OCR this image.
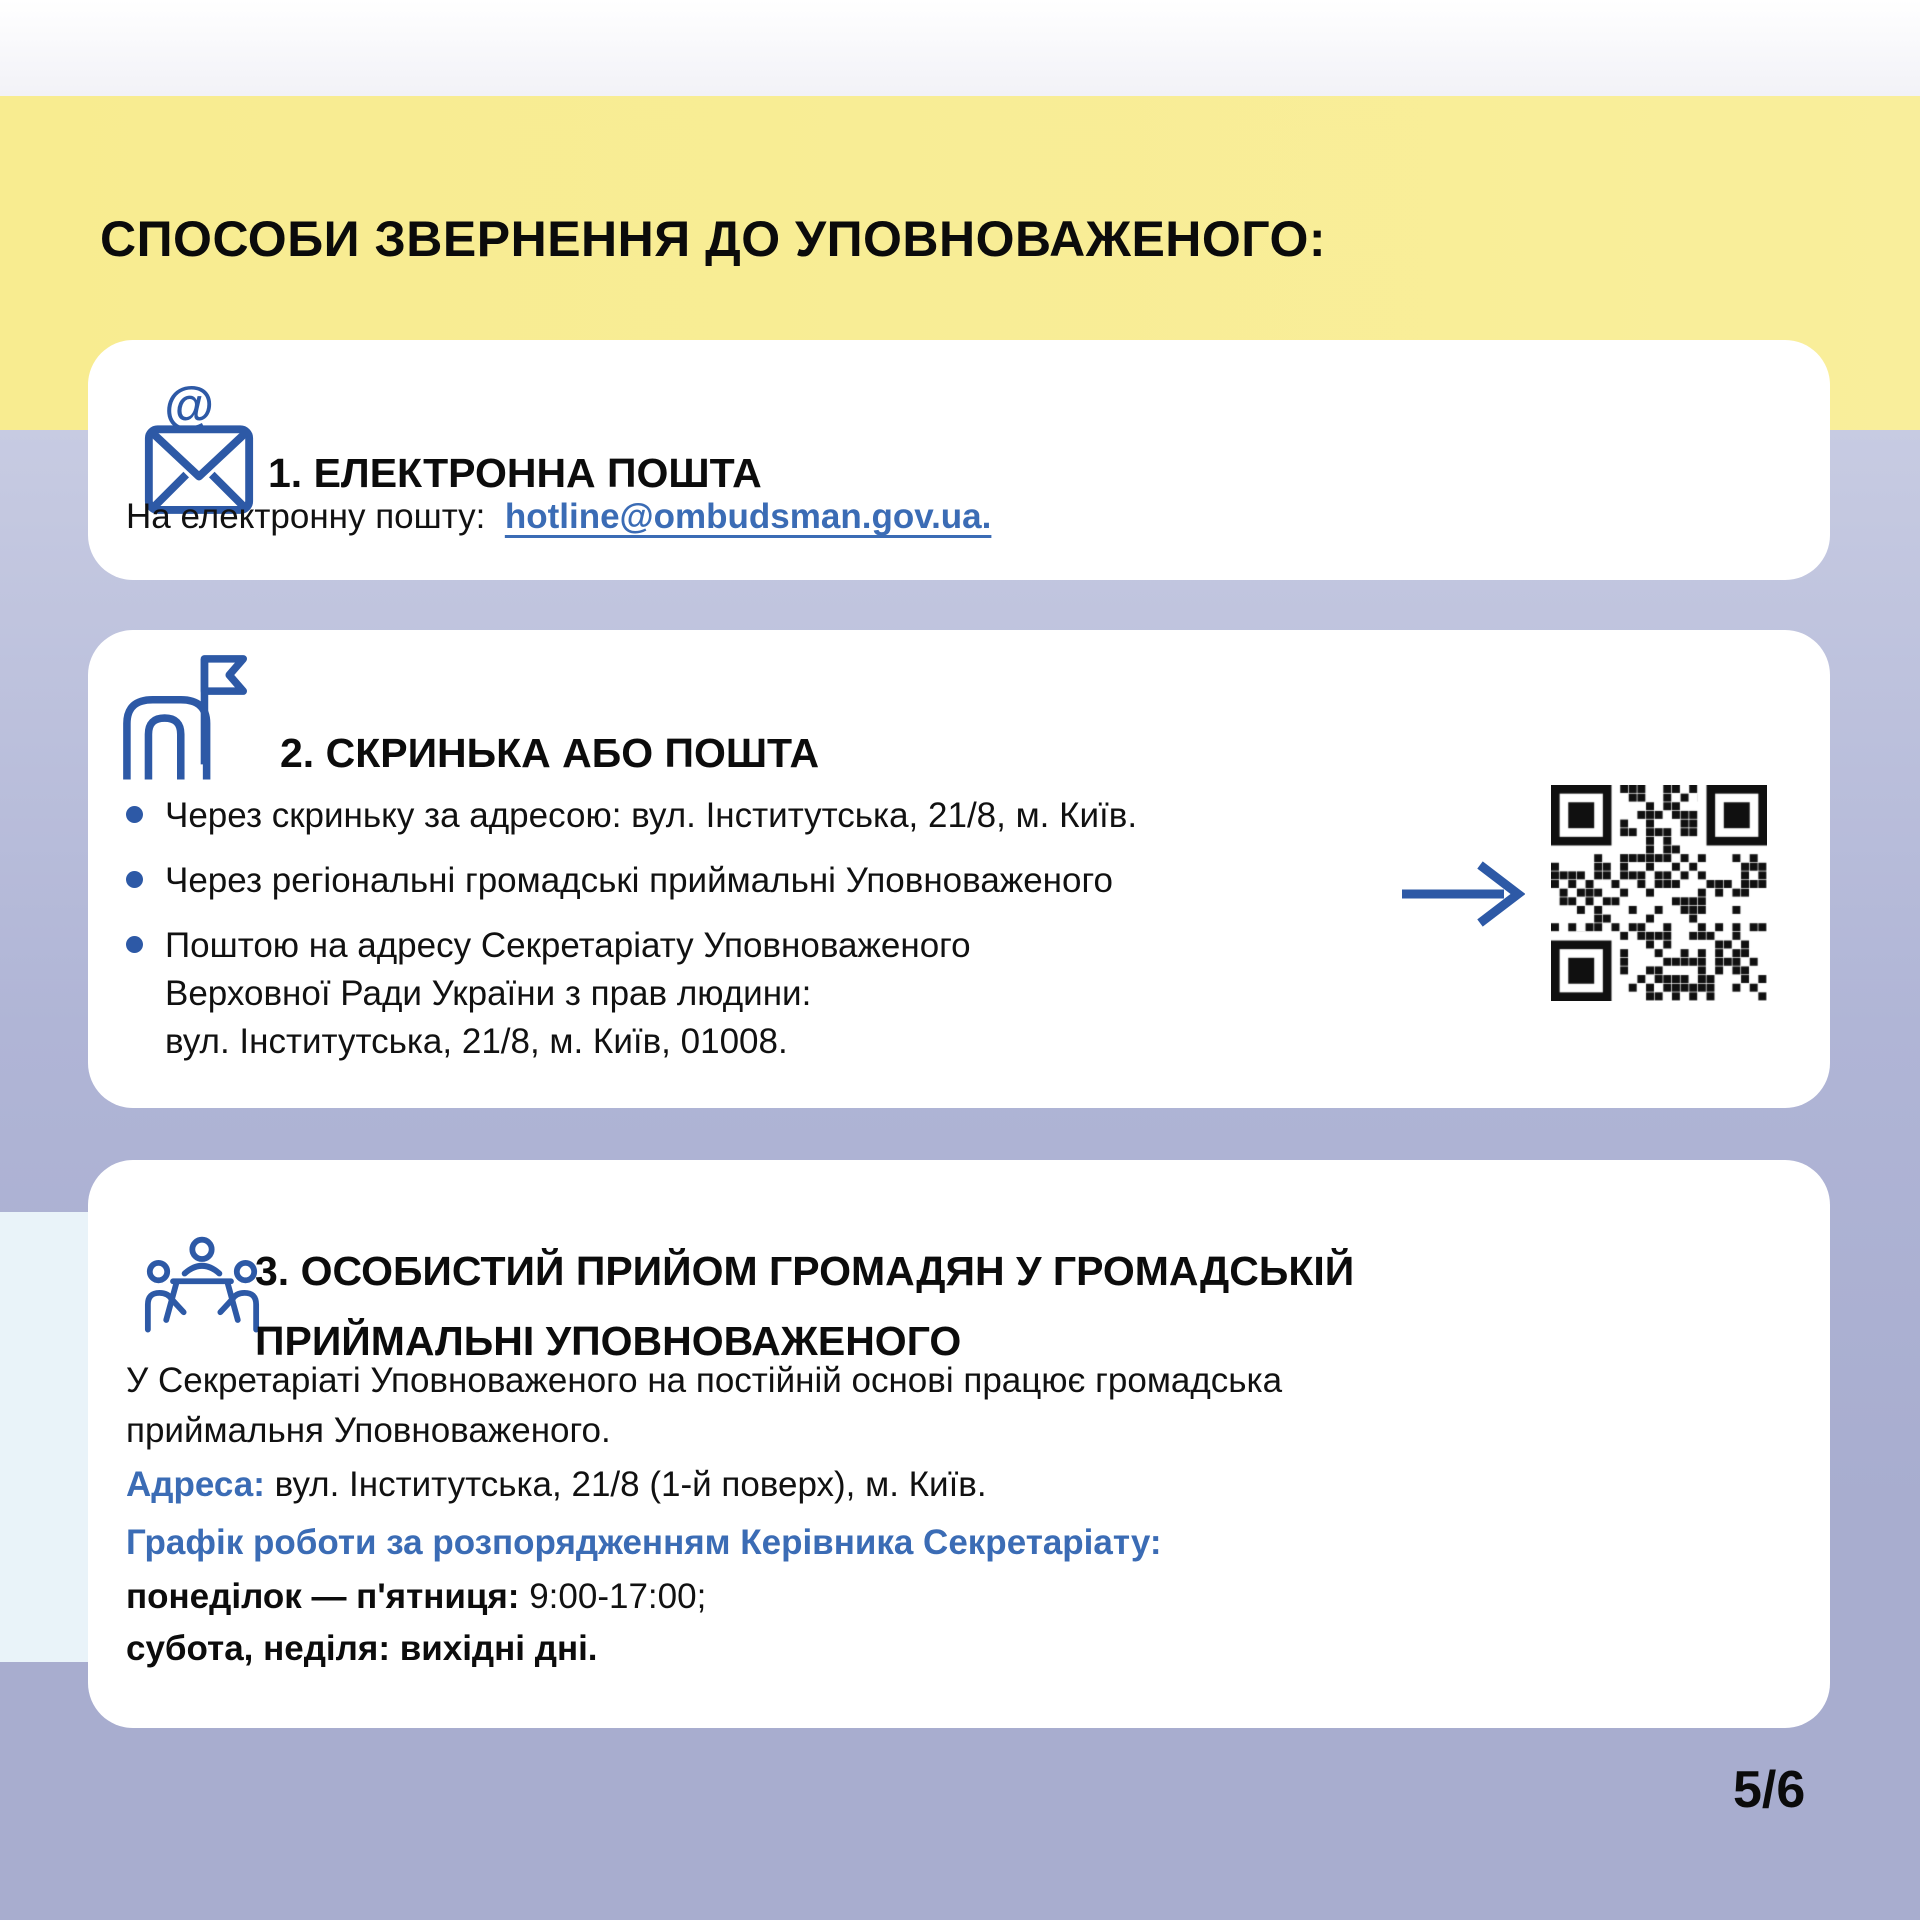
СПОСОБИ ЗВЕРНЕННЯ ДО УПОВНОВАЖЕНОГО:
@
1. ЕЛЕКТРОННА ПОШТА
На електронну пошту: hotline@ombudsman.gov.ua.
2. СКРИНЬКА АБО ПОШТА
Через скриньку за адресою: вул. Інститутська, 21/8, м. Київ.
Через регіональні громадські приймальні Уповноваженого
Поштою на адресу Секретаріату Уповноваженого
Верховної Ради України з прав людини:
вул. Інститутська, 21/8, м. Київ, 01008.
3. ОСОБИСТИЙ ПРИЙОМ ГРОМАДЯН У ГРОМАДСЬКІЙ
ПРИЙМАЛЬНІ УПОВНОВАЖЕНОГО
У Секретаріаті Уповноваженого на постійній основі працює громадська
приймальня Уповноваженого.
Адреса: вул. Інститутська, 21/8 (1-й поверх), м. Київ.
Графік роботи за розпорядженням Керівника Секретаріату:
понеділок — п'ятниця: 9:00-17:00;
субота, неділя: вихідні дні.
5/6
